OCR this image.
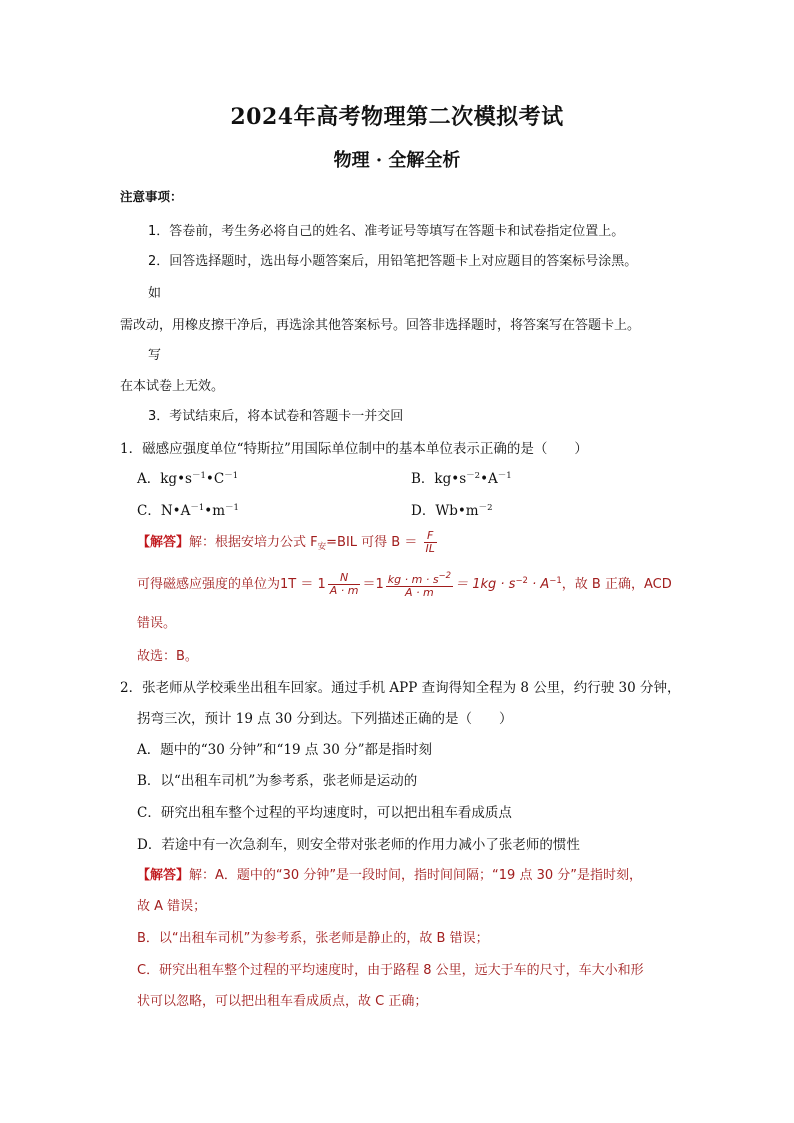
2024年高考物理第二次模拟考试
物理 · 全解全析
注意事项：
1．答卷前，考生务必将自己的姓名、准考证号等填写在答题卡和试卷指定位置上。
2．回答选择题时，选出每小题答案后，用铅笔把答题卡上对应题目的答案标号涂黑。
如
需改动，用橡皮擦干净后，再选涂其他答案标号。回答非选择题时，将答案写在答题卡上。
写
在本试卷上无效。
3．考试结束后，将本试卷和答题卡一并交回
1．磁感应强度单位“特斯拉”用国际单位制中的基本单位表示正确的是（　　）
A．$kg•s^{-1}•C^{-1}$	B．$kg•s^{-2}•A^{-1}$
C．$N•A^{-1}•m^{-1}$	D．$Wb•m^{-2}$
【解答】解：根据安培力公式 $F_安=BIL$ 可得 $B = \frac{F}{IL}$
可得磁感应强度的单位为$1T = 1 \frac{N}{A \cdot m} =1 \frac{kg \cdot m \cdot s^{-2}}{A \cdot m} = 1kg \cdot s^{-2} \cdot A^{-1}$，故 B 正确，ACD
错误。
故选：B。
2．张老师从学校乘坐出租车回家。通过手机 APP 查询得知全程为 8 公里，约行驶 30 分钟，
拐弯三次，预计 19 点 30 分到达。下列描述正确的是（　　）
A．题中的“30 分钟”和“19 点 30 分”都是指时刻
B．以“出租车司机”为参考系，张老师是运动的
C．研究出租车整个过程的平均速度时，可以把出租车看成质点
D．若途中有一次急刹车，则安全带对张老师的作用力减小了张老师的惯性
【解答】解：A．题中的“30 分钟”是一段时间，指时间间隔；“19 点 30 分”是指时刻，
故 A 错误；
B．以“出租车司机”为参考系，张老师是静止的，故 B 错误；
C．研究出租车整个过程的平均速度时，由于路程 8 公里，远大于车的尺寸，车大小和形
状可以忽略，可以把出租车看成质点，故 C 正确；
